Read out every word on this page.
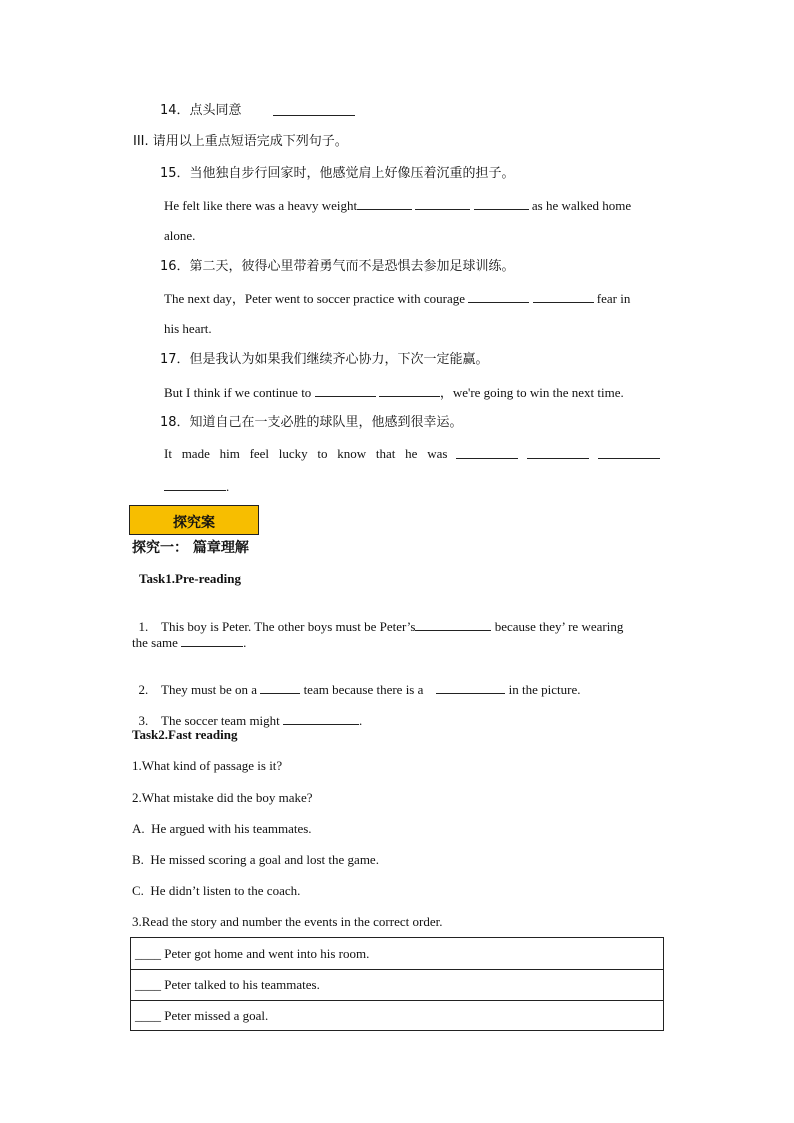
14．点头同意
III. 请用以上重点短语完成下列句子。
15．当他独自步行回家时，他感觉肩上好像压着沉重的担子。
He felt like there was a heavy weight	as he walked home
alone.
16．第二天，彼得心里带着勇气而不是恐惧去参加足球训练。
The next day，Peter went to soccer practice with courage	fear in
his heart.
17．但是我认为如果我们继续齐心协力，下次一定能赢。
But I think if we continue to	，we're going to win the next time.
18．知道自己在一支必胜的球队里，他感到很幸运。
It   made   him   feel   lucky   to   know   that   he   was
.
探究案
探究一： 篇章理解
Task1.Pre-reading

1.    This boy is Peter. The other boys must be Peter’s	because they’ re wearing

the same	.

2.    They must be on a	team because there is a	in the picture.

3.    The soccer team might	.

Task2.Fast reading
1.What kind of passage is it?
2.What mistake did the boy make?
A.  He argued with his teammates.
B.  He missed scoring a goal and lost the game.
C.  He didn’t listen to the coach.
3.Read the story and number the events in the correct order.
____ Peter got home and went into his room.
____ Peter talked to his teammates.
____ Peter missed a goal.
